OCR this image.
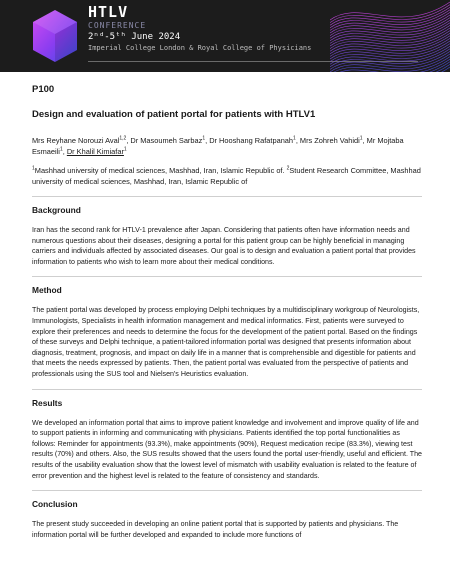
HTLV
CONFERENCE
2ⁿᵈ-5ᵗʰ June 2024
Imperial College London & Royal College of Physicians
P100
Design and evaluation of patient portal for patients with HTLV1
Mrs Reyhane Norouzi Aval$^{1,2}$, Dr Masoumeh Sarbaz$^1$, Dr Hooshang Rafatpanah$^1$, Mrs Zohreh Vahidi$^1$, Mr Mojtaba Esmaeili$^1$, Dr Khalil Kimiafar$^1$
$^1$Mashhad university of medical sciences, Mashhad, Iran, Islamic Republic of. $^2$Student Research Committee, Mashhad university of medical sciences, Mashhad, Iran, Islamic Republic of
Background

Iran has the second rank for HTLV-1 prevalence after Japan. Considering that patients often have information needs and numerous questions about their diseases, designing a portal for this patient group can be highly beneficial in managing carriers and individuals affected by associated diseases. Our goal is to design and evaluation a patient portal that provides information to patients who wish to learn more about their medical conditions.

Method

The patient portal was developed by process employing Delphi techniques by a multidisciplinary workgroup of Neurologists, Immunologists, Specialists in health information management and medical informatics. First, patients were surveyed to explore their preferences and needs to determine the focus for the development of the patient portal. Based on the findings of these surveys and Delphi technique, a patient-tailored information portal was designed that presents information about diagnosis, treatment, prognosis, and impact on daily life in a manner that is comprehensible and digestible for patients and that meets the needs expressed by patients. Then, the patient portal was evaluated from the perspective of patients and professionals using the SUS tool and Nielsen's Heuristics evaluation.

Results

We developed an information portal that aims to improve patient knowledge and involvement and improve quality of life and to support patients in informing and communicating with physicians. Patients identified the top portal functionalities as follows: Reminder for appointments (93.3%), make appointments (90%), Request medication recipe (83.3%), viewing test results (70%) and others. Also, the SUS results showed that the users found the portal user-friendly, useful and efficient. The results of the usability evaluation show that the lowest level of mismatch with usability evaluation is related to the feature of error prevention and the highest level is related to the feature of consistency and standards.

Conclusion

The present study succeeded in developing an online patient portal that is supported by patients and physicians. The information portal will be further developed and expanded to include more functions of
